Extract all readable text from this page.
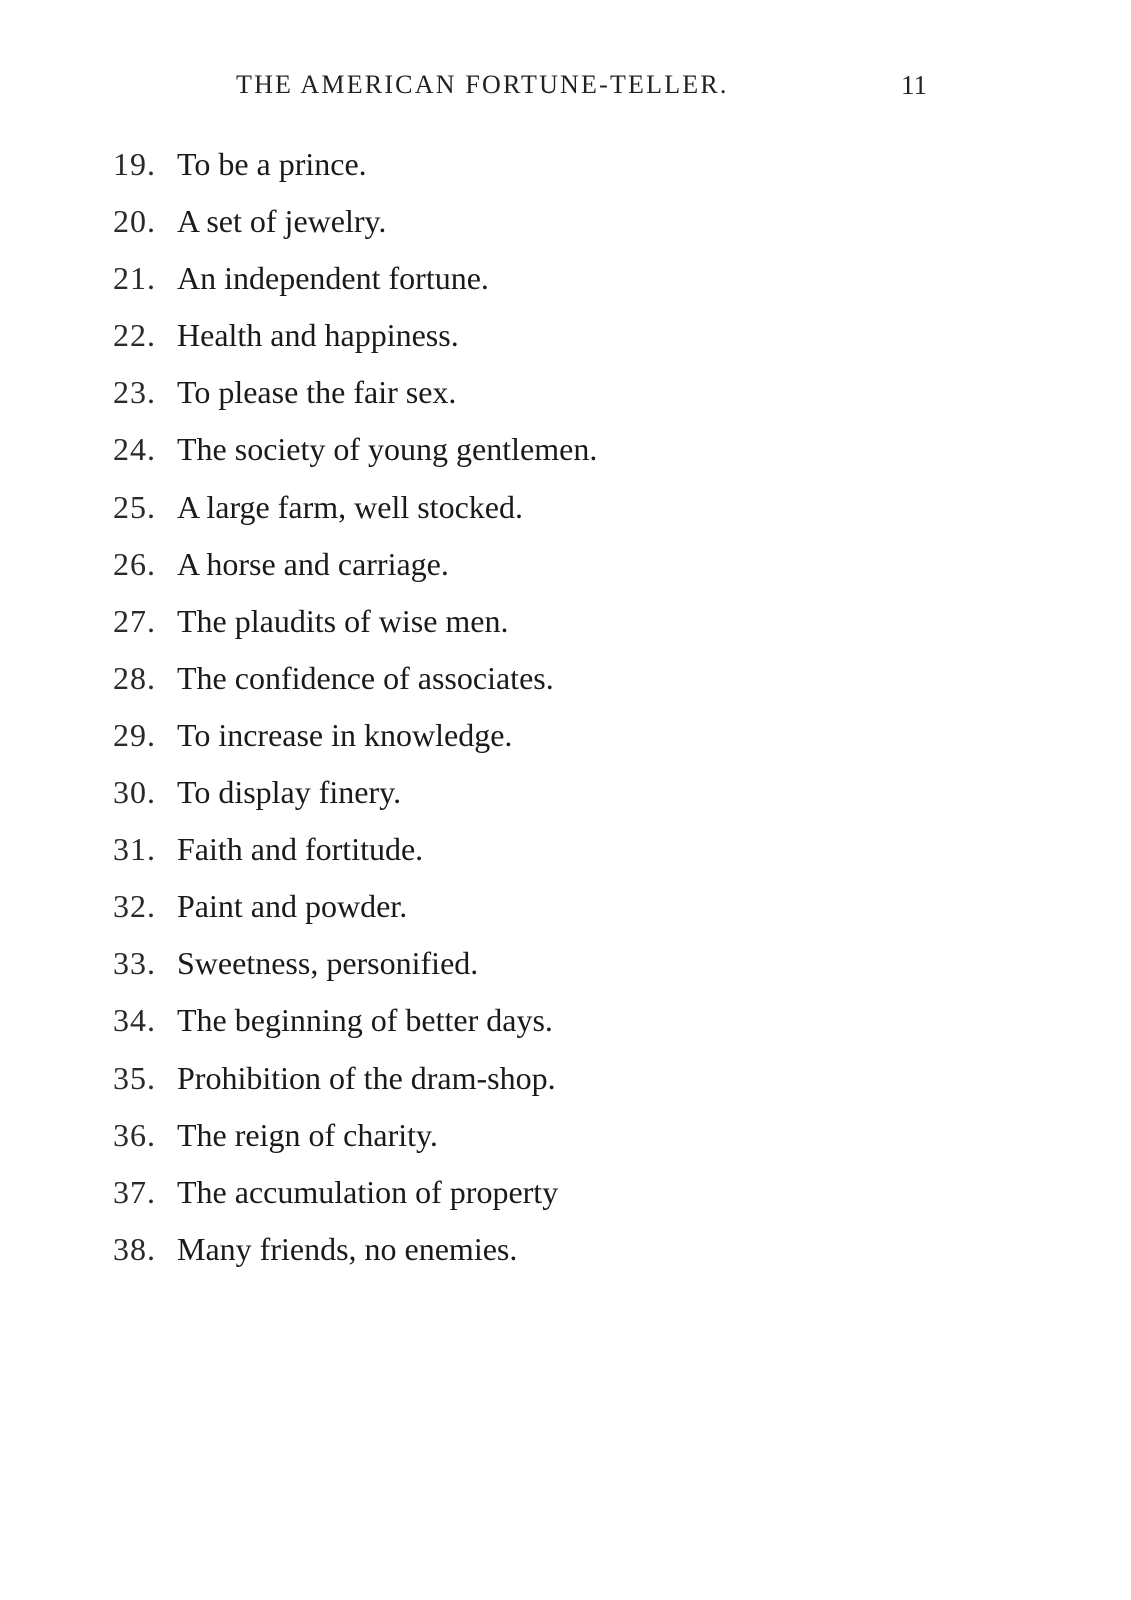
THE AMERICAN FORTUNE-TELLER.	11
19. To be a prince.
20. A set of jewelry.
21. An independent fortune.
22. Health and happiness.
23. To please the fair sex.
24. The society of young gentlemen.
25. A large farm, well stocked.
26. A horse and carriage.
27. The plaudits of wise men.
28. The confidence of associates.
29. To increase in knowledge.
30. To display finery.
31. Faith and fortitude.
32. Paint and powder.
33. Sweetness, personified.
34. The beginning of better days.
35. Prohibition of the dram-shop.
36. The reign of charity.
37. The accumulation of property
38. Many friends, no enemies.
